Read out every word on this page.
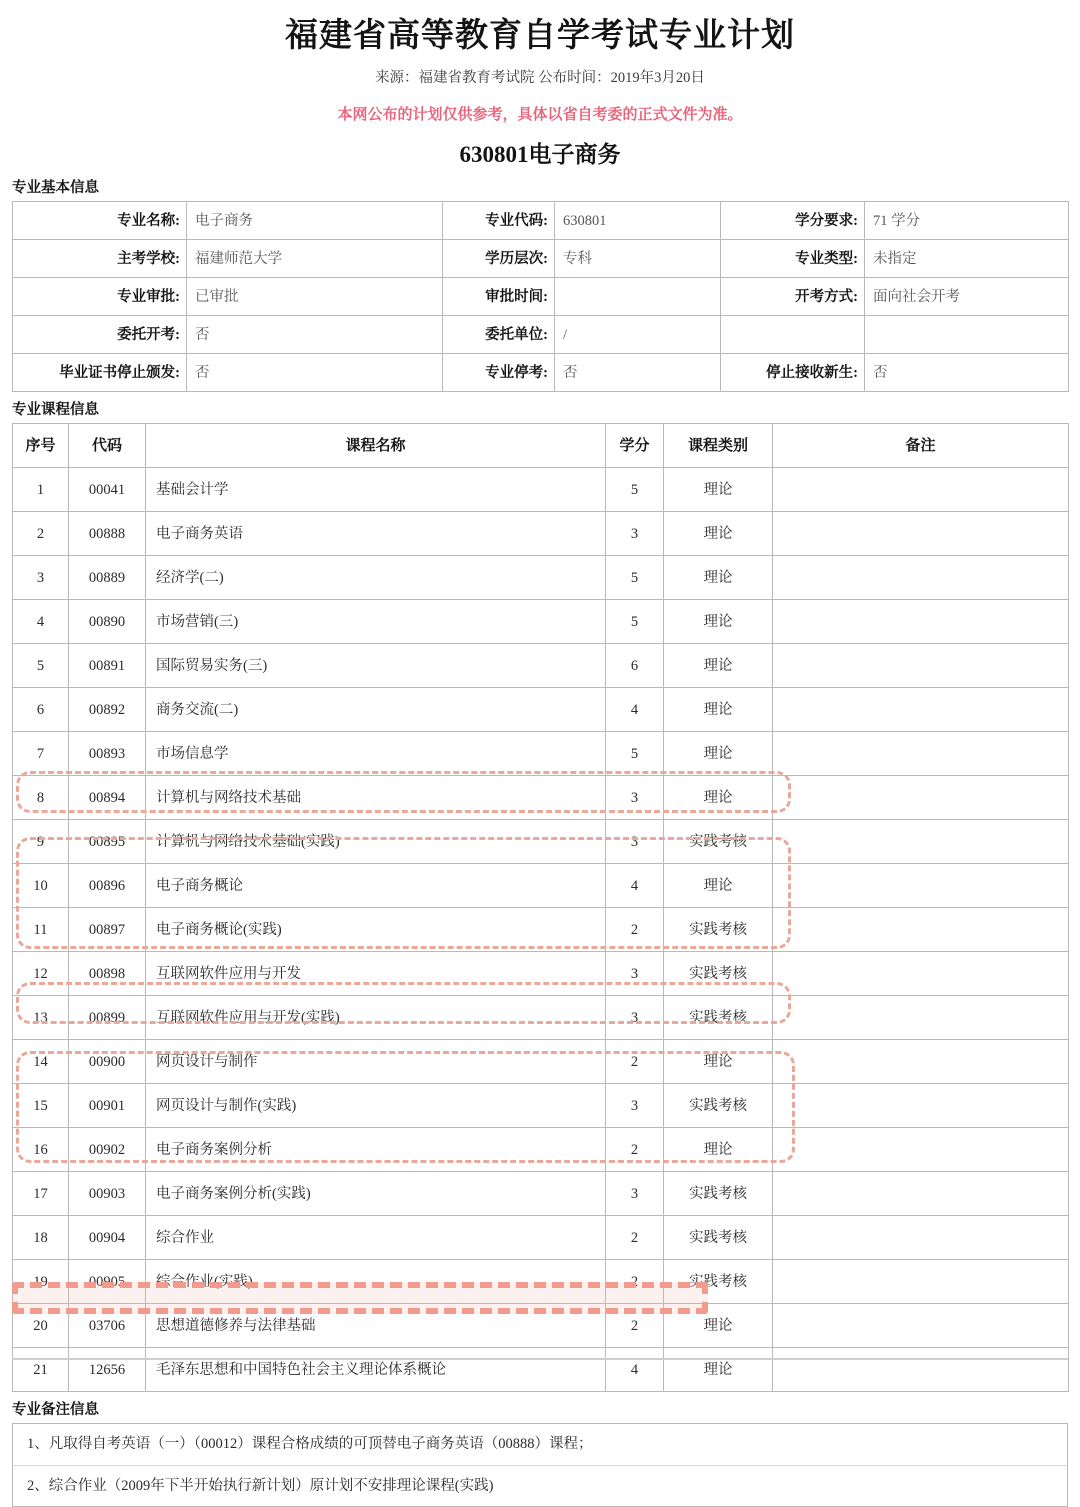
福建省高等教育自学考试专业计划
来源：福建省教育考试院 公布时间：2019年3月20日
本网公布的计划仅供参考，具体以省自考委的正式文件为准。
630801电子商务
专业基本信息
专业名称:	电子商务	专业代码:	630801	学分要求:	71 学分
主考学校:	福建师范大学	学历层次:	专科	专业类型:	未指定
专业审批:	已审批	审批时间:		开考方式:	面向社会开考
委托开考:	否	委托单位:	/		
毕业证书停止颁发:	否	专业停考:	否	停止接收新生:	否
专业课程信息
序号	代码	课程名称	学分	课程类别	备注
1	00041	基础会计学	5	理论	
2	00888	电子商务英语	3	理论	
3	00889	经济学(二)	5	理论	
4	00890	市场营销(三)	5	理论	
5	00891	国际贸易实务(三)	6	理论	
6	00892	商务交流(二)	4	理论	
7	00893	市场信息学	5	理论	
8	00894	计算机与网络技术基础	3	理论	
9	00895	计算机与网络技术基础(实践)	3	实践考核	
10	00896	电子商务概论	4	理论	
11	00897	电子商务概论(实践)	2	实践考核	
12	00898	互联网软件应用与开发	3	实践考核	
13	00899	互联网软件应用与开发(实践)	3	实践考核	
14	00900	网页设计与制作	2	理论	
15	00901	网页设计与制作(实践)	3	实践考核	
16	00902	电子商务案例分析	2	理论	
17	00903	电子商务案例分析(实践)	3	实践考核	
18	00904	综合作业	2	实践考核	
19	00905	综合作业(实践)	2	实践考核	
20	03706	思想道德修养与法律基础	2	理论	
21	12656	毛泽东思想和中国特色社会主义理论体系概论	4	理论	
专业备注信息
1、凡取得自考英语（一）（00012）课程合格成绩的可顶替电子商务英语（00888）课程；
2、综合作业（2009年下半开始执行新计划）原计划不安排理论课程(实践)
